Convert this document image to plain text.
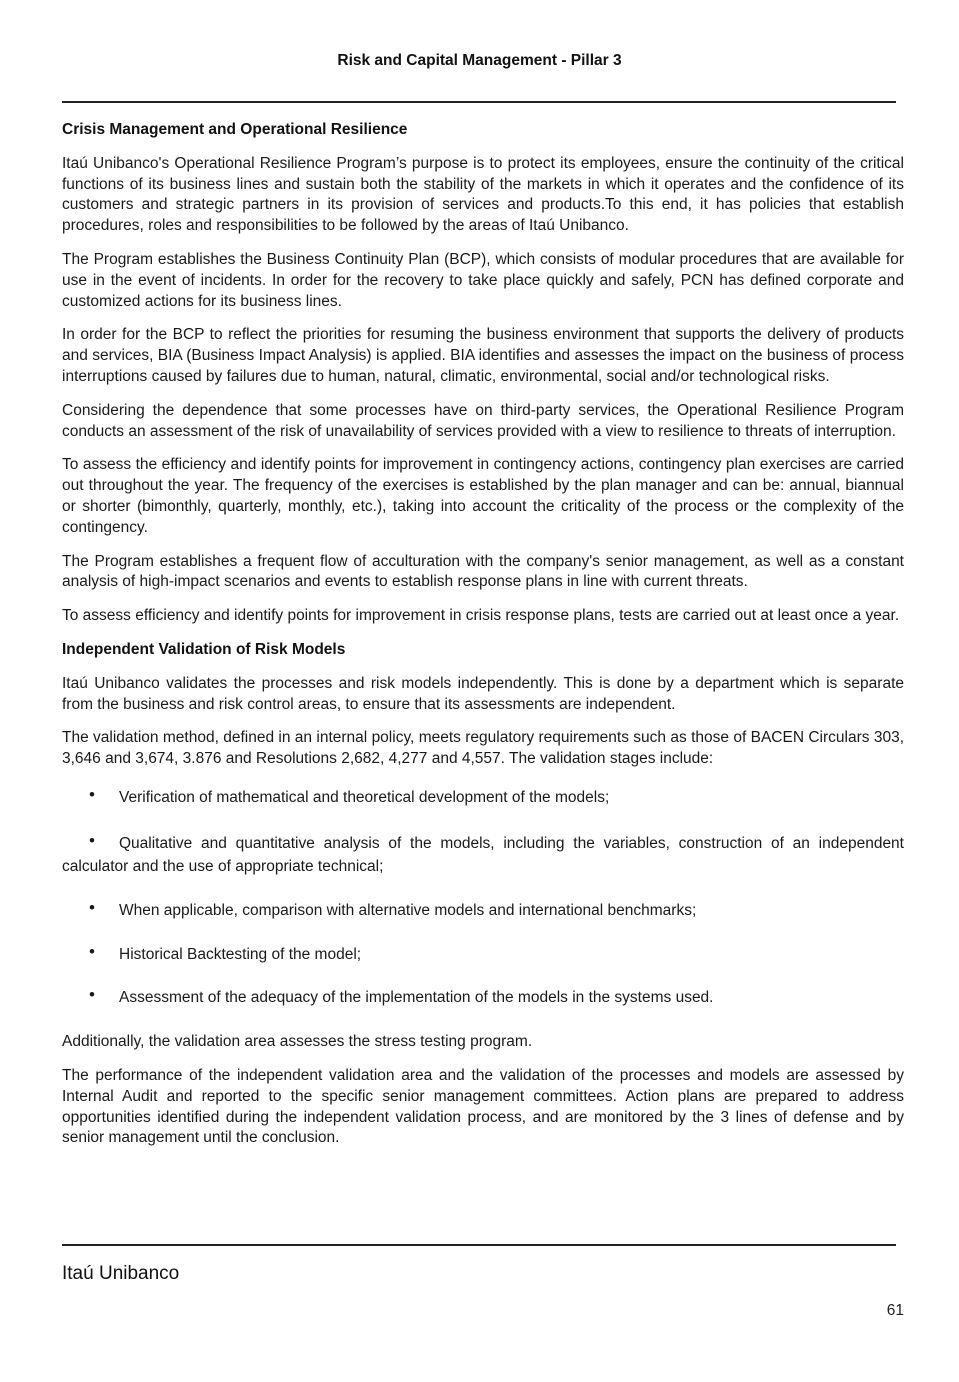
Risk and Capital Management - Pillar 3
Crisis Management and Operational Resilience

Itaú Unibanco's Operational Resilience Program’s purpose is to protect its employees, ensure the continuity of the critical functions of its business lines and sustain both the stability of the markets in which it operates and the confidence of its customers and strategic partners in its provision of services and products.To this end, it has policies that establish procedures, roles and responsibilities to be followed by the areas of Itaú Unibanco.

The Program establishes the Business Continuity Plan (BCP), which consists of modular procedures that are available for use in the event of incidents. In order for the recovery to take place quickly and safely, PCN has defined corporate and customized actions for its business lines.

In order for the BCP to reflect the priorities for resuming the business environment that supports the delivery of products and services, BIA (Business Impact Analysis) is applied. BIA identifies and assesses the impact on the business of process interruptions caused by failures due to human, natural, climatic, environmental, social and/or technological risks.

Considering the dependence that some processes have on third-party services, the Operational Resilience Program conducts an assessment of the risk of unavailability of services provided with a view to resilience to threats of interruption.

To assess the efficiency and identify points for improvement in contingency actions, contingency plan exercises are carried out throughout the year. The frequency of the exercises is established by the plan manager and can be: annual, biannual or shorter (bimonthly, quarterly, monthly, etc.), taking into account the criticality of the process or the complexity of the contingency.

The Program establishes a frequent flow of acculturation with the company's senior management, as well as a constant analysis of high-impact scenarios and events to establish response plans in line with current threats.

To assess efficiency and identify points for improvement in crisis response plans, tests are carried out at least once a year.

Independent Validation of Risk Models

Itaú Unibanco validates the processes and risk models independently. This is done by a department which is separate from the business and risk control areas, to ensure that its assessments are independent.

The validation method, defined in an internal policy, meets regulatory requirements such as those of BACEN Circulars 303, 3,646 and 3,674, 3.876 and Resolutions 2,682, 4,277 and 4,557. The validation stages include:

• Verification of mathematical and theoretical development of the models;
• Qualitative and quantitative analysis of the models, including the variables, construction of an independent calculator and the use of appropriate technical;
• When applicable, comparison with alternative models and international benchmarks;
• Historical Backtesting of the model;
• Assessment of the adequacy of the implementation of the models in the systems used.

Additionally, the validation area assesses the stress testing program.

The performance of the independent validation area and the validation of the processes and models are assessed by Internal Audit and reported to the specific senior management committees. Action plans are prepared to address opportunities identified during the independent validation process, and are monitored by the 3 lines of defense and by senior management until the conclusion.

Itaú Unibanco
61
